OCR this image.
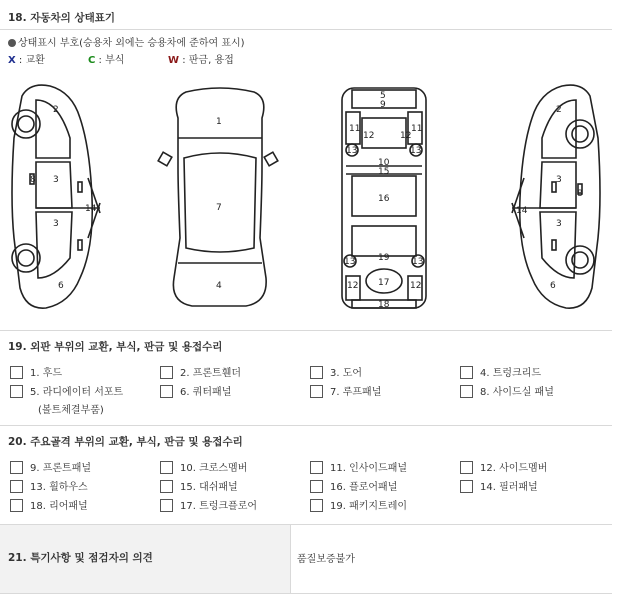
18. 자동차의 상태표기
상태표시 부호(승용차 외에는 승용차에 준하여 표시)
X : 교환	C : 부식	W : 판금, 용접
2
3
3
8
14
6
1
7
4
5
9
11	11
12	12
13	13
10
15
16
19
13	13
12	12
17
18
2
3
3
8
14
6
19. 외판 부위의 교환, 부식, 판금 및 용접수리
1. 후드	2. 프론트휀더	3. 도어	4. 트렁크리드
5. 라디에이터 서포트	6. 쿼터패널	7. 루프패널	8. 사이드실 패널
(볼트체결부품)
20. 주요골격 부위의 교환, 부식, 판금 및 용접수리
9. 프론트패널	10. 크로스멤버	11. 인사이드패널	12. 사이드멤버
13. 휠하우스	15. 대쉬패널	16. 플로어패널	14. 필러패널
18. 리어패널	17. 트렁크플로어	19. 패키지트레이
21. 특기사항 및 점검자의 의견	품질보증불가
